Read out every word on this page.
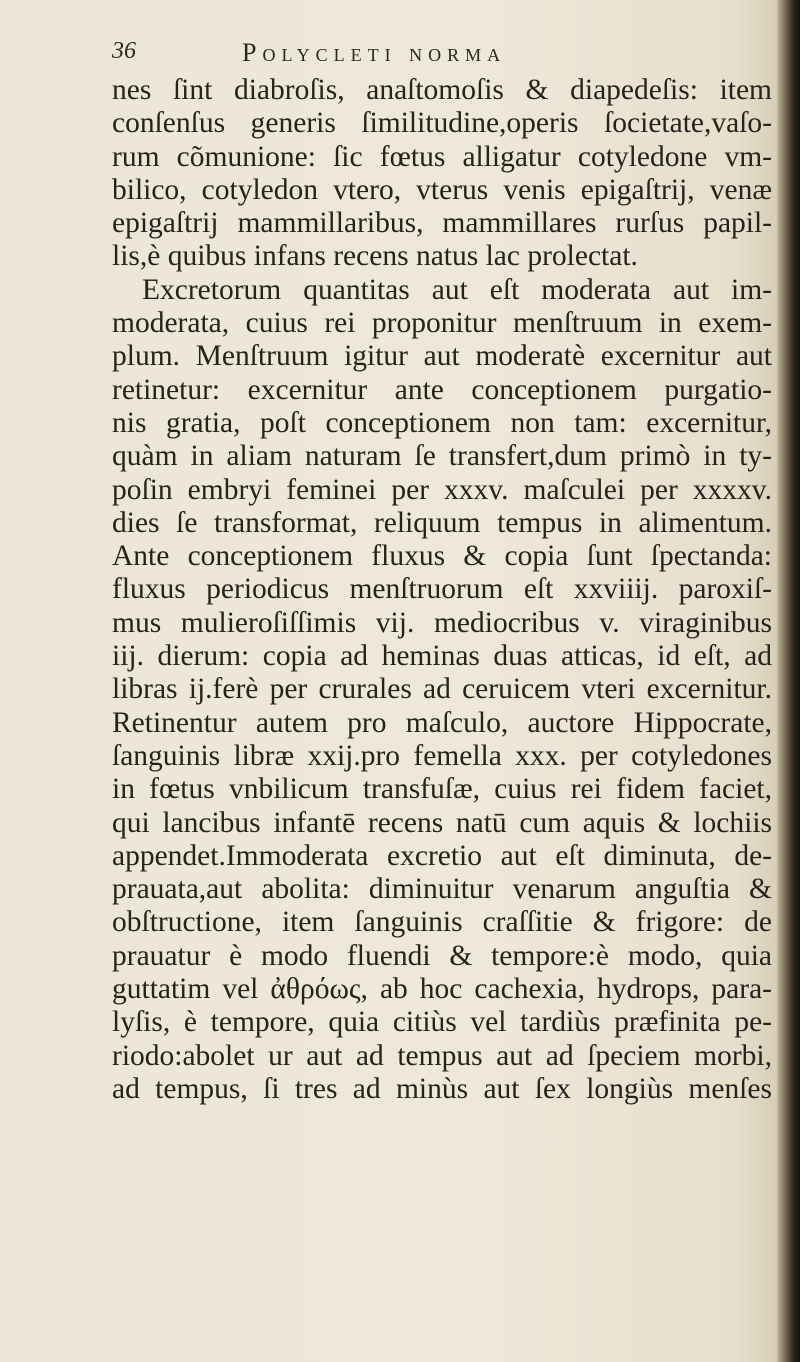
36	Polycleti norma
nes ſint diabroſis, anaſtomoſis & diapedeſis: item
conſenſus generis ſimilitudine,operis ſocietate,vaſo-
rum cõmunione: ſic fœtus alligatur cotyledone vm-
bilico, cotyledon vtero, vterus venis epigaſtrij, venæ
epigaſtrij mammillaribus, mammillares rurſus papil-
lis,è quibus infans recens natus lac prolectat.
Excretorum quantitas aut eſt moderata aut im-
moderata, cuius rei proponitur menſtruum in exem-
plum. Menſtruum igitur aut moderatè excernitur aut
retinetur: excernitur ante conceptionem purgatio-
nis gratia, poſt conceptionem non tam: excernitur,
quàm in aliam naturam ſe transfert,dum primò in ty-
poſin embryi feminei per xxxv. maſculei per xxxxv.
dies ſe transformat, reliquum tempus in alimentum.
Ante conceptionem fluxus & copia ſunt ſpectanda:
fluxus periodicus menſtruorum eſt xxviiij. paroxiſ-
mus mulieroſiſſimis vij. mediocribus v. viraginibus
iij. dierum: copia ad heminas duas atticas, id eſt, ad
libras ij.ferè per crurales ad ceruicem vteri excernitur.
Retinentur autem pro maſculo, auctore Hippocrate,
ſanguinis libræ xxij.pro femella xxx. per cotyledones
in fœtus vnbilicum transfuſæ, cuius rei fidem faciet,
qui lancibus infantē recens natū cum aquis & lochiis
appendet.Immoderata excretio aut eſt diminuta, de-
prauata,aut abolita: diminuitur venarum anguſtia &
obſtructione, item ſanguinis craſſitie & frigore: de
prauatur è modo fluendi & tempore:è modo, quia
guttatim vel ἀθρόως, ab hoc cachexia, hydrops, para-
lyſis, è tempore, quia citiùs vel tardiùs præfinita pe-
riodo:abolet ur aut ad tempus aut ad ſpeciem morbi,
ad tempus, ſi tres ad minùs aut ſex longiùs menſes
